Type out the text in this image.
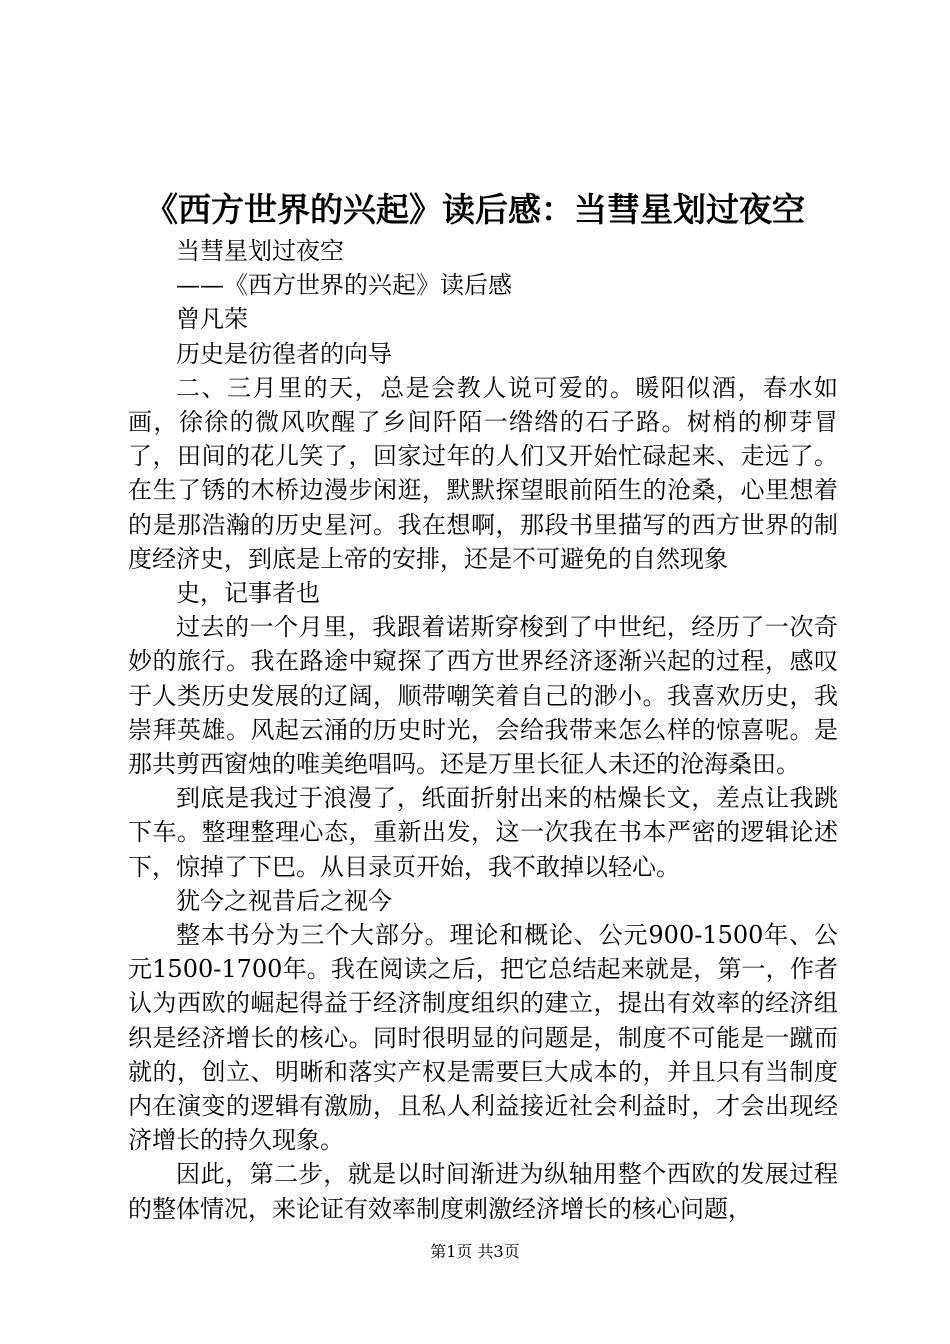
《西方世界的兴起》读后感：当彗星划过夜空

当彗星划过夜空

——《西方世界的兴起》读后感

曾凡荣

历史是彷徨者的向导

二、三月里的天，总是会教人说可爱的。暖阳似酒，春水如画，徐徐的微风吹醒了乡间阡陌一绺绺的石子路。树梢的柳芽冒了，田间的花儿笑了，回家过年的人们又开始忙碌起来、走远了。在生了锈的木桥边漫步闲逛，默默探望眼前陌生的沧桑，心里想着的是那浩瀚的历史星河。我在想啊，那段书里描写的西方世界的制度经济史，到底是上帝的安排，还是不可避免的自然现象

史，记事者也

过去的一个月里，我跟着诺斯穿梭到了中世纪，经历了一次奇妙的旅行。我在路途中窥探了西方世界经济逐渐兴起的过程，感叹于人类历史发展的辽阔，顺带嘲笑着自己的渺小。我喜欢历史，我崇拜英雄。风起云涌的历史时光，会给我带来怎么样的惊喜呢。是那共剪西窗烛的唯美绝唱吗。还是万里长征人未还的沧海桑田。

到底是我过于浪漫了，纸面折射出来的枯燥长文，差点让我跳下车。整理整理心态，重新出发，这一次我在书本严密的逻辑论述下，惊掉了下巴。从目录页开始，我不敢掉以轻心。

犹今之视昔后之视今

整本书分为三个大部分。理论和概论、公元900-1500年、公元1500-1700年。我在阅读之后，把它总结起来就是，第一，作者认为西欧的崛起得益于经济制度组织的建立，提出有效率的经济组织是经济增长的核心。同时很明显的问题是，制度不可能是一蹴而就的，创立、明晰和落实产权是需要巨大成本的，并且只有当制度内在演变的逻辑有激励，且私人利益接近社会利益时，才会出现经济增长的持久现象。

因此，第二步，就是以时间渐进为纵轴用整个西欧的发展过程的整体情况，来论证有效率制度刺激经济增长的核心问题，

第1页 共3页
